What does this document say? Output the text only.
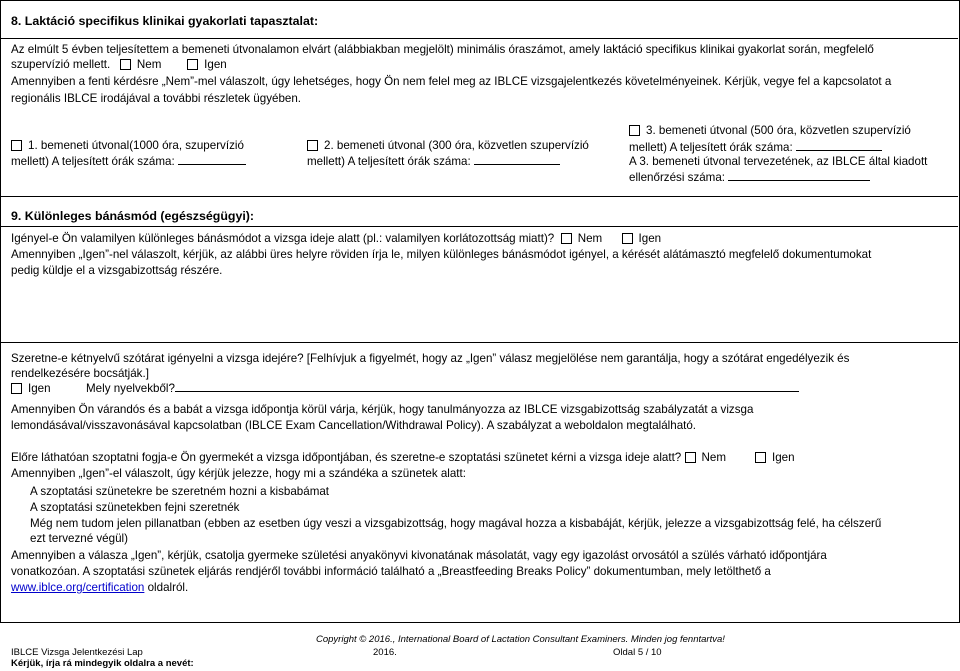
8. Laktáció specifikus klinikai gyakorlati tapasztalat:
Az elmúlt 5 évben teljesítettem a bemeneti útvonalamon elvárt (alábbiakban megjelölt) minimális óraszámot, amely laktáció specifikus klinikai gyakorlat során, megfelelő
szupervízió mellett. Nem	Igen
Amennyiben a fenti kérdésre „Nem”-mel válaszolt, úgy lehetséges, hogy Ön nem felel meg az IBLCE vizsgajelentkezés követelményeinek. Kérjük, vegye fel a kapcsolatot a
regionális IBLCE irodájával a további részletek ügyében.
1. bemeneti útvonal(1000 óra, szupervízió
mellett) A teljesített órák száma:
2. bemeneti útvonal (300 óra, közvetlen szupervízió
mellett) A teljesített órák száma:
3. bemeneti útvonal (500 óra, közvetlen szupervízió
mellett) A teljesített órák száma:
A 3. bemeneti útvonal tervezetének, az IBLCE által kiadott
ellenőrzési száma:
9. Különleges bánásmód (egészségügyi):
Igényel-e Ön valamilyen különleges bánásmódot a vizsga ideje alatt (pl.: valamilyen korlátozottság miatt)? Nem	Igen
Amennyiben „Igen”-nel válaszolt, kérjük, az alábbi üres helyre röviden írja le, milyen különleges bánásmódot igényel, a kérését alátámasztó megfelelő dokumentumokat
pedig küldje el a vizsgabizottság részére.
Szeretne-e kétnyelvű szótárat igényelni a vizsga idejére? [Felhívjuk a figyelmét, hogy az „Igen” válasz megjelölése nem garantálja, hogy a szótárat engedélyezik és
rendelkezésére bocsátják.]
Igen	Mely nyelvekből?
Amennyiben Ön várandós és a babát a vizsga időpontja körül várja, kérjük, hogy tanulmányozza az IBLCE vizsgabizottság szabályzatát a vizsga
lemondásával/visszavonásával kapcsolatban (IBLCE Exam Cancellation/Withdrawal Policy). A szabályzat a weboldalon megtalálható.
Előre láthatóan szoptatni fogja-e Ön gyermekét a vizsga időpontjában, és szeretne-e szoptatási szünetet kérni a vizsga ideje alatt? Nem	Igen
Amennyiben „Igen”-el válaszolt, úgy kérjük jelezze, hogy mi a szándéka a szünetek alatt:
A szoptatási szünetekre be szeretném hozni a kisbabámat
A szoptatási szünetekben fejni szeretnék
Még nem tudom jelen pillanatban (ebben az esetben úgy veszi a vizsgabizottság, hogy magával hozza a kisbabáját, kérjük, jelezze a vizsgabizottság felé, ha célszerű
ezt tervezné végül)
Amennyiben a válasza „Igen”, kérjük, csatolja gyermeke születési anyakönyvi kivonatának másolatát, vagy egy igazolást orvosától a szülés várható időpontjára
vonatkozóan. A szoptatási szünetek eljárás rendjéről további információ található a „Breastfeeding Breaks Policy” dokumentumban, mely letölthető a
www.iblce.org/certification oldalról.
Copyright © 2016., International Board of Lactation Consultant Examiners. Minden jog fenntartva!
IBLCE Vizsga Jelentkezési Lap	2016.	Oldal 5 / 10
Kérjük, írja rá mindegyik oldalra a nevét:
